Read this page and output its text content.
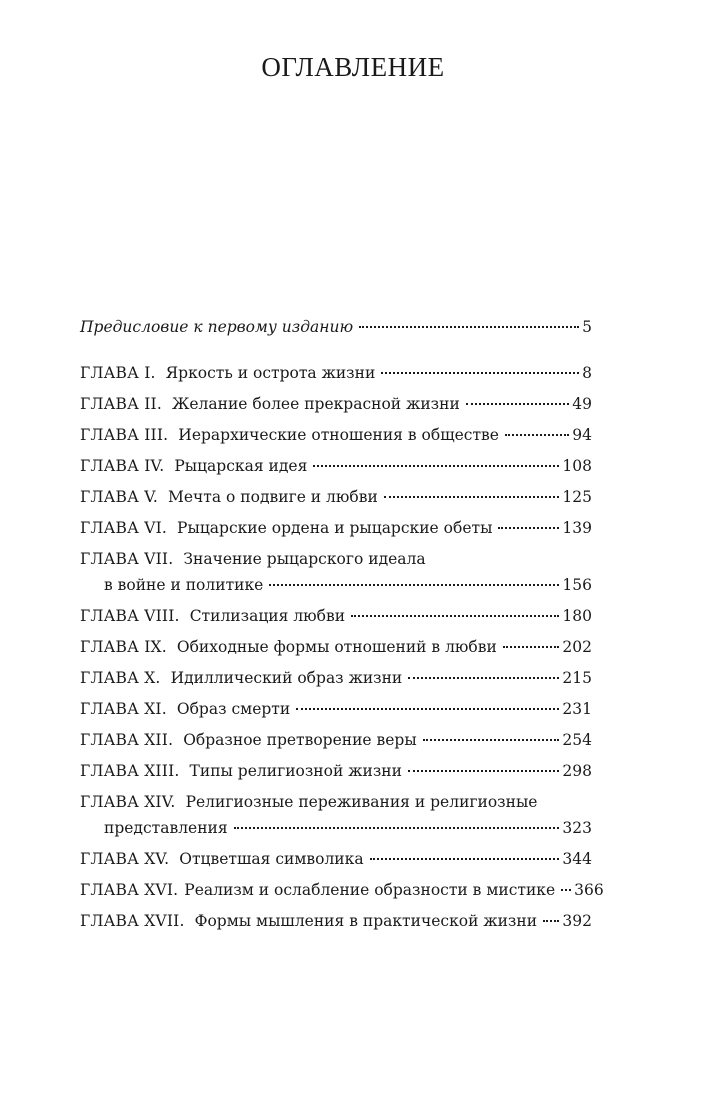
ОГЛАВЛЕНИЕ
Предисловие к первому изданию	5
ГЛАВА I. Яркость и острота жизни	8
ГЛАВА II. Желание более прекрасной жизни	49
ГЛАВА III. Иерархические отношения в обществе	94
ГЛАВА IV. Рыцарская идея	108
ГЛАВА V. Мечта о подвиге и любви	125
ГЛАВА VI. Рыцарские ордена и рыцарские обеты	139
ГЛАВА VII. Значение рыцарского идеала
в войне и политике	156
ГЛАВА VIII. Стилизация любви	180
ГЛАВА IX. Обиходные формы отношений в любви	202
ГЛАВА X. Идиллический образ жизни	215
ГЛАВА XI. Образ смерти	231
ГЛАВА XII. Образное претворение веры	254
ГЛАВА XIII. Типы религиозной жизни	298
ГЛАВА XIV. Религиозные переживания и религиозные
представления	323
ГЛАВА XV. Отцветшая символика	344
ГЛАВА XVI. Реализм и ослабление образности в мистике 366
ГЛАВА XVII. Формы мышления в практической жизни 392
